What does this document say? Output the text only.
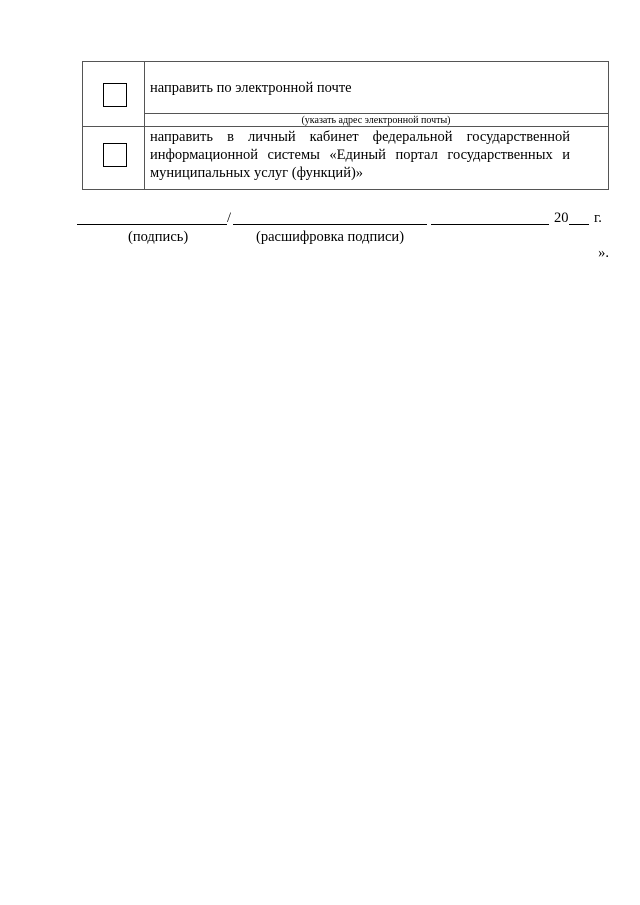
направить по электронной почте
(указать адрес электронной почты)
направить в личный кабинет федеральной государственной информационной системы «Единый портал государственных и муниципальных услуг (функций)»
/	20 г.
(подпись)	(расшифровка подписи)
».
